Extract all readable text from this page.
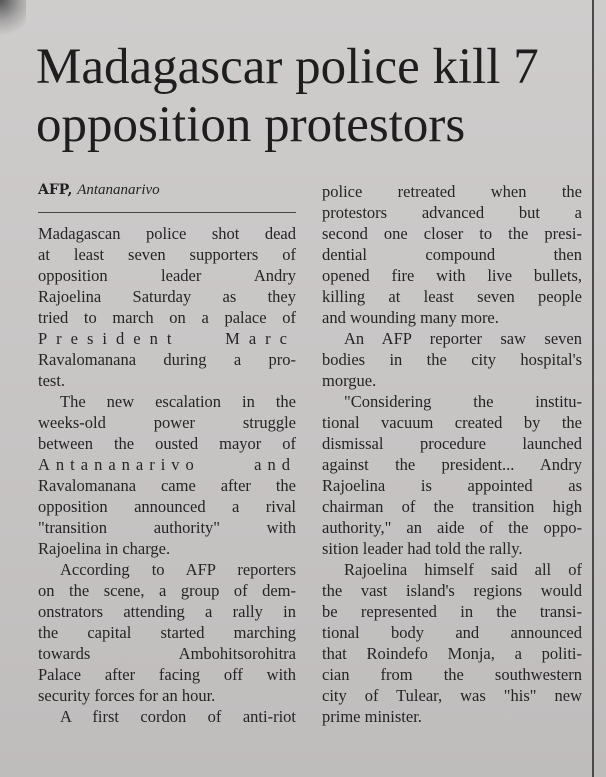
Madagascar police kill 7
opposition protestors
AFP, Antananarivo
Madagascan police shot dead
at least seven supporters of
opposition leader Andry
Rajoelina Saturday as they
tried to march on a palace of
President Marc
Ravalomanana during a pro-
test.
The new escalation in the
weeks-old power struggle
between the ousted mayor of
Antananarivo and
Ravalomanana came after the
opposition announced a rival
"transition authority" with
Rajoelina in charge.
According to AFP reporters
on the scene, a group of dem-
onstrators attending a rally in
the capital started marching
towards Ambohitsorohitra
Palace after facing off with
security forces for an hour.
A first cordon of anti-riot
police retreated when the
protestors advanced but a
second one closer to the presi-
dential compound then
opened fire with live bullets,
killing at least seven people
and wounding many more.
An AFP reporter saw seven
bodies in the city hospital's
morgue.
"Considering the institu-
tional vacuum created by the
dismissal procedure launched
against the president... Andry
Rajoelina is appointed as
chairman of the transition high
authority," an aide of the oppo-
sition leader had told the rally.
Rajoelina himself said all of
the vast island's regions would
be represented in the transi-
tional body and announced
that Roindefo Monja, a politi-
cian from the southwestern
city of Tulear, was "his" new
prime minister.
